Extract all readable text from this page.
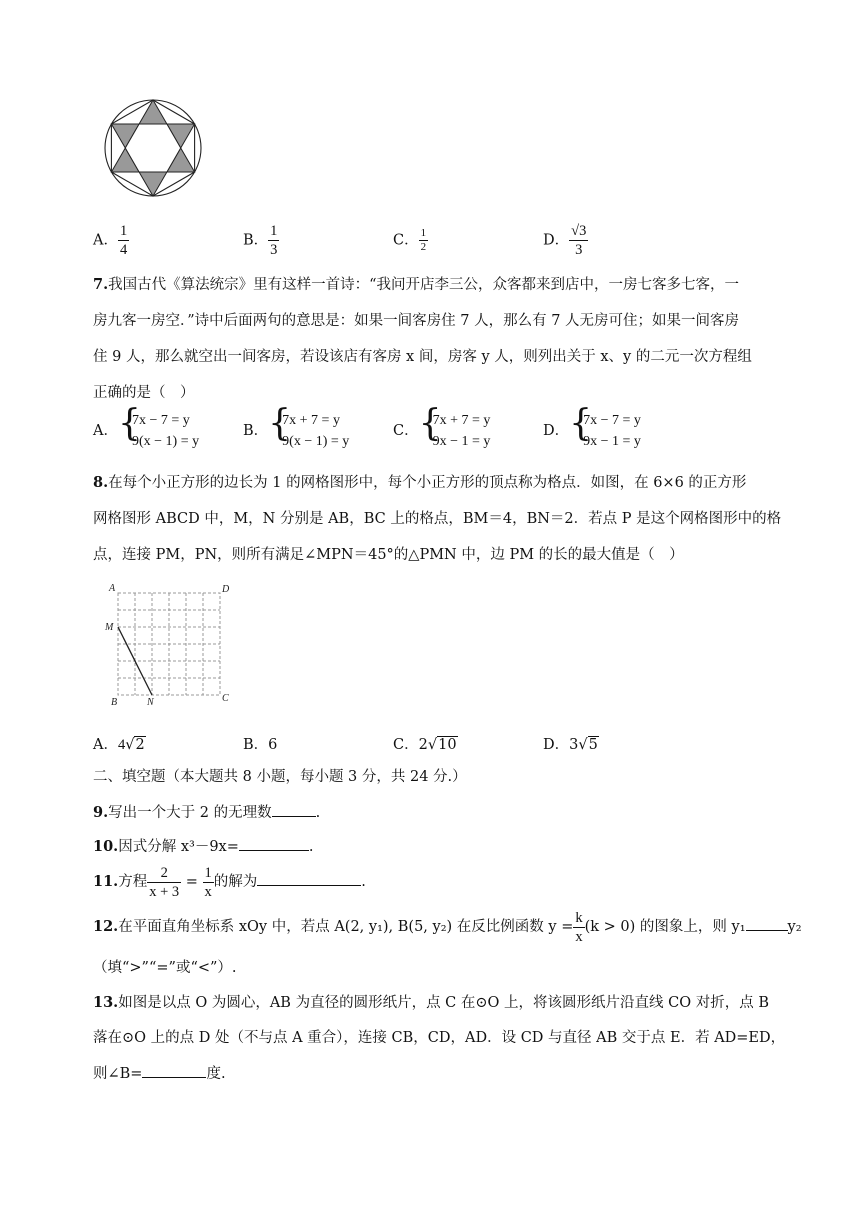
A． $\frac{1}{4}$	B． $\frac{1}{3}$	C． $\frac{1}{2}$	D． $\frac{√3}{3}$
7.我国古代《算法统宗》里有这样一首诗：“我问开店李三公，众客都来到店中，一房七客多七客，一
房九客一房空．”诗中后面两句的意思是：如果一间客房住 7 人，那么有 7 人无房可住；如果一间客房
住 9 人，那么就空出一间客房，若设该店有客房 x 间，房客 y 人，则列出关于 x、y 的二元一次方程组
正确的是（　）
A． {
7x − 7 = y
9(x − 1) = y
B． {
7x + 7 = y
9(x − 1) = y
C． {
7x + 7 = y
9x − 1 = y
D． {
7x − 7 = y
9x − 1 = y
8.在每个小正方形的边长为 1 的网格图形中，每个小正方形的顶点称为格点．如图，在 6×6 的正方形
网格图形 ABCD 中，M，N 分别是 AB，BC 上的格点，BM＝4，BN＝2．若点 P 是这个网格图形中的格
点，连接 PM，PN，则所有满足∠MPN＝45°的△PMN 中，边 PM 的长的最大值是（　）
A	D
M
B	N	C
A．4√2	B．6	C．2√10	D．3√5
二、填空题（本大题共 8 小题，每小题 3 分，共 24 分.）
9.写出一个大于 2 的无理数	.
10.因式分解 x³－9x=	.
11.方程 $\frac{2}{x + 3} = \frac{1}{x}$ 的解为	.
12.在平面直角坐标系 xOy 中，若点 A(2, y₁), B(5, y₂) 在反比例函数 $y = \frac{k}{x} (k > 0)$ 的图象上，则 y₁	y₂
（填“>”“=”或“<”）.
13.如图是以点 O 为圆心，AB 为直径的圆形纸片，点 C 在⊙O 上，将该圆形纸片沿直线 CO 对折，点 B
落在⊙O 上的点 D 处（不与点 A 重合），连接 CB，CD，AD．设 CD 与直径 AB 交于点 E．若 AD=ED，
则∠B=	度.
